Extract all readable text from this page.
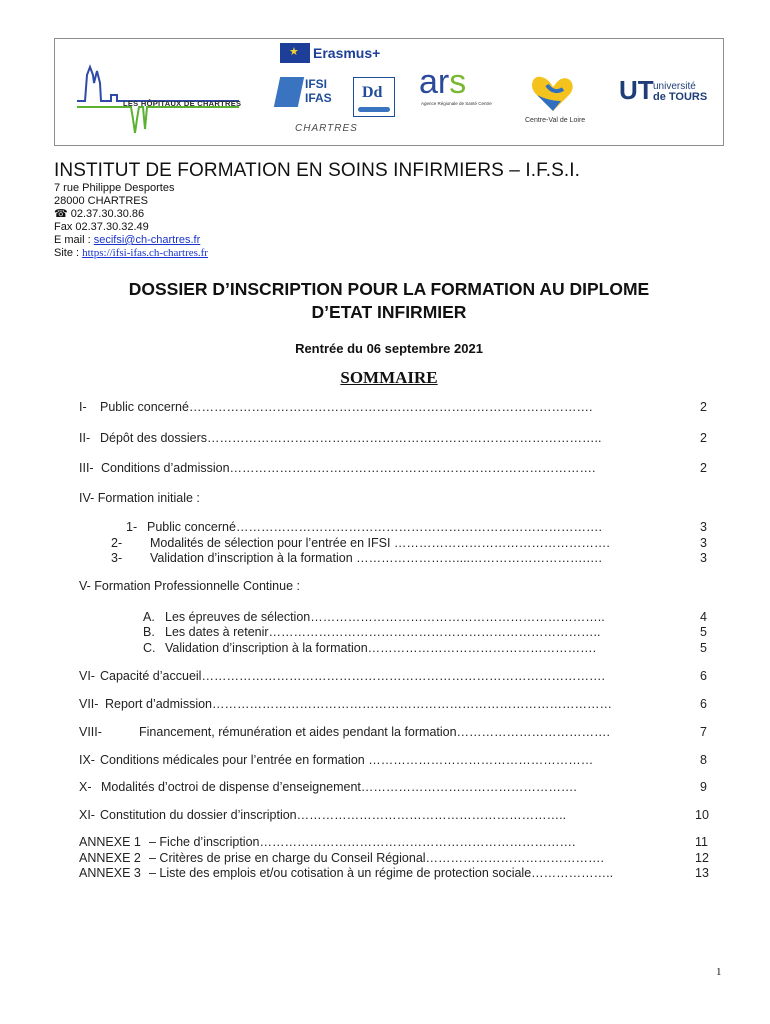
LES HÔPITAUX DE CHARTRES
★
Erasmus+
IFSI IFAS	Dd
CHARTRES
ars
Agence Régionale de Santé Centre
Centre-Val de Loire
UT université
de TOURS
INSTITUT DE FORMATION EN SOINS INFIRMIERS – I.F.S.I.
7 rue Philippe Desportes
28000 CHARTRES
☎ 02.37.30.30.86
Fax 02.37.30.32.49
E mail : secifsi@ch-chartres.fr
Site : https://ifsi-ifas.ch-chartres.fr
DOSSIER D’INSCRIPTION POUR LA FORMATION AU DIPLOME
D’ETAT INFIRMIER
Rentrée du 06 septembre 2021
SOMMAIRE
I- Public concerné…………………………………………………………………………………….	2
II- Dépôt des dossiers…………………………………………………………………………………..	2
III- Conditions d’admission…………………………………………………………………………….	2
IV- Formation initiale :
1- Public concerné…………………………………………………………………………….	3
2- Modalités de sélection pour l’entrée en IFSI …………………………………………….	3
3- Validation d’inscription à la formation ……………………....……………………….….	3
V- Formation Professionnelle Continue :
A. Les épreuves de sélection……………………………………………………………..	4
B. Les dates à retenir……………………………………………………………………..	5
C. Validation d’inscription à la formation……………………………………………….	5
VI- Capacité d’accueil…………………………………………………………………………………….	6
VII- Report d’admission……………………………………………………………………………………	6
VIII-	Financement, rémunération et aides pendant la formation……………………………….	7
IX- Conditions médicales pour l’entrée en formation ………………………………………………	8
X- Modalités d’octroi de dispense d’enseignement…………………………………………….	9
XI- Constitution du dossier d’inscription………………………………………………………..	10
ANNEXE 1 – Fiche d’inscription………………………………………………………………….	11
ANNEXE 2 – Critères de prise en charge du Conseil Régional…………………………………….	12
ANNEXE 3 – Liste des emplois et/ou cotisation à un régime de protection sociale………………..	13
1
